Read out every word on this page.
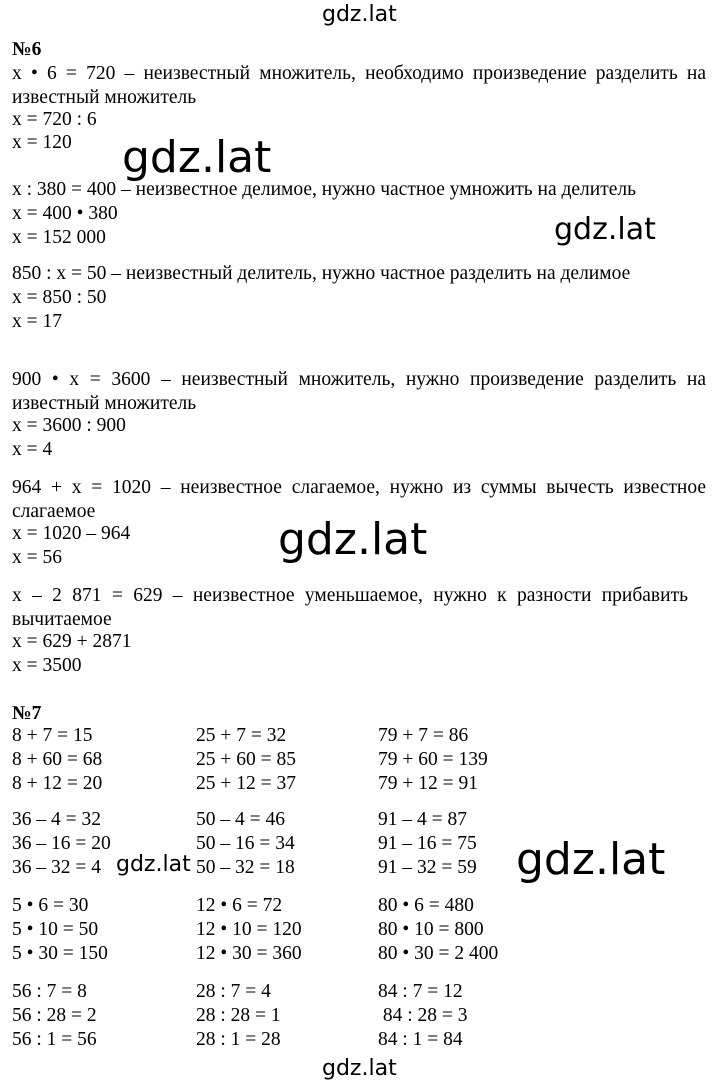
gdz.lat
gdz.lat
gdz.lat
gdz.lat
gdz.lat	gdz.lat
gdz.lat
№6
x • 6 = 720 – неизвестный множитель, необходимо произведение разделить на
известный множитель
x = 720 : 6
x = 120
x : 380 = 400 – неизвестное делимое, нужно частное умножить на делитель
x = 400 • 380
x = 152 000
850 : x = 50 – неизвестный делитель, нужно частное разделить на делимое
x = 850 : 50
x = 17
900 • x = 3600 – неизвестный множитель, нужно произведение разделить на
известный множитель
x = 3600 : 900
x = 4
964 + x = 1020 – неизвестное слагаемое, нужно из суммы вычесть известное
слагаемое
x = 1020 – 964
x = 56
x – 2 871 = 629 – неизвестное уменьшаемое, нужно к разности прибавить
вычитаемое
x = 629 + 2871
x = 3500
№7
8 + 7 = 15	25 + 7 = 32	79 + 7 = 86
8 + 60 = 68	25 + 60 = 85	79 + 60 = 139
8 + 12 = 20	25 + 12 = 37	79 + 12 = 91
36 – 4 = 32	50 – 4 = 46	91 – 4 = 87
36 – 16 = 20	50 – 16 = 34	91 – 16 = 75
36 – 32 = 4	50 – 32 = 18	91 – 32 = 59
5 • 6 = 30	12 • 6 = 72	80 • 6 = 480
5 • 10 = 50	12 • 10 = 120	80 • 10 = 800
5 • 30 = 150	12 • 30 = 360	80 • 30 = 2 400
56 : 7 = 8	28 : 7 = 4	84 : 7 = 12
56 : 28 = 2	28 : 28 = 1	84 : 28 = 3
56 : 1 = 56	28 : 1 = 28	84 : 1 = 84
